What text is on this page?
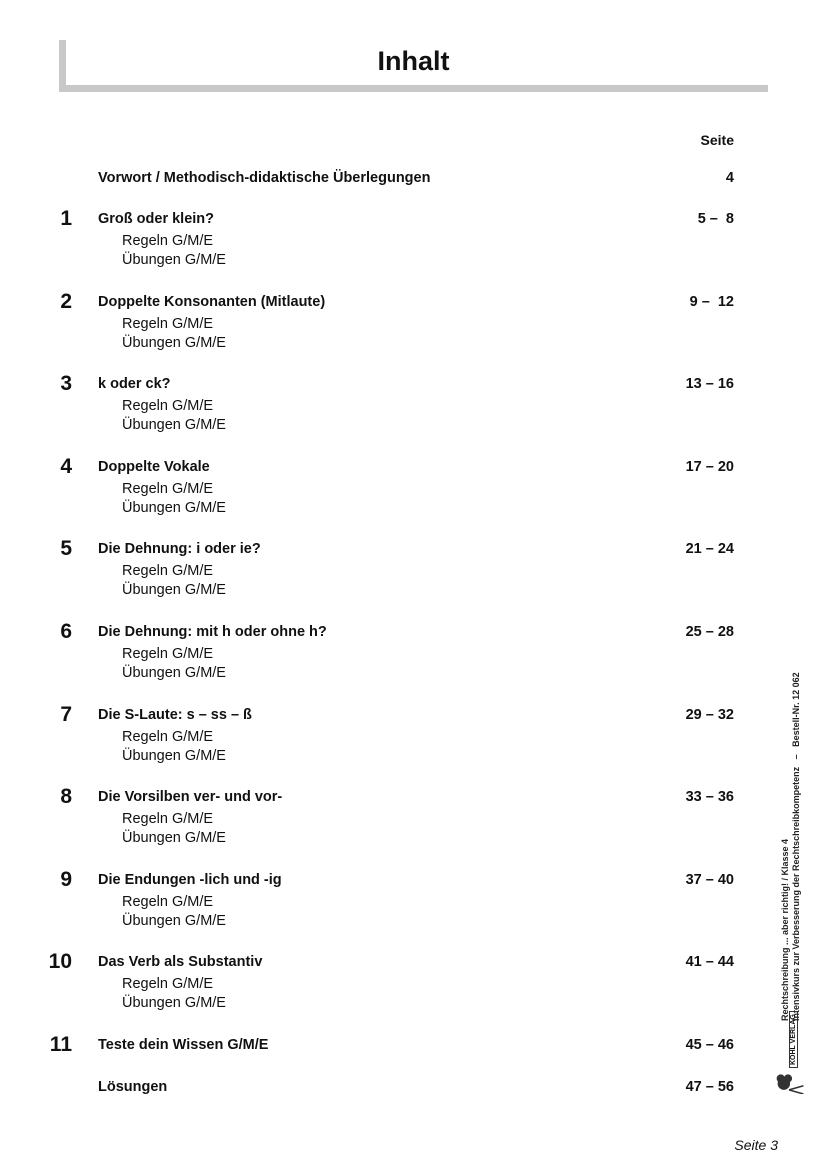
Inhalt
Seite
Vorwort / Methodisch-didaktische Überlegungen	4
1 Groß oder klein?	5 –  8
Regeln G/M/E
Übungen G/M/E
2 Doppelte Konsonanten (Mitlaute)	9 –  12
Regeln G/M/E
Übungen G/M/E
3 k oder ck?	13 – 16
Regeln G/M/E
Übungen G/M/E
4 Doppelte Vokale	17 – 20
Regeln G/M/E
Übungen G/M/E
5 Die Dehnung: i oder ie?	21 – 24
Regeln G/M/E
Übungen G/M/E
6 Die Dehnung: mit h oder ohne h?	25 – 28
Regeln G/M/E
Übungen G/M/E
7 Die S-Laute: s – ss – ß	29 – 32
Regeln G/M/E
Übungen G/M/E
8 Die Vorsilben ver- und vor-	33 – 36
Regeln G/M/E
Übungen G/M/E
9 Die Endungen -lich und -ig	37 – 40
Regeln G/M/E
Übungen G/M/E
10 Das Verb als Substantiv	41 – 44
Regeln G/M/E
Übungen G/M/E
11 Teste dein Wissen G/M/E	45 – 46
Lösungen	47 – 56
Rechtschreibung ... aber richtig! / Klasse 4 Intensivkurs zur Verbesserung der Rechtschreibkompetenz   –   Bestell-Nr. 12 062
KOHL VERLAG
Seite 3
